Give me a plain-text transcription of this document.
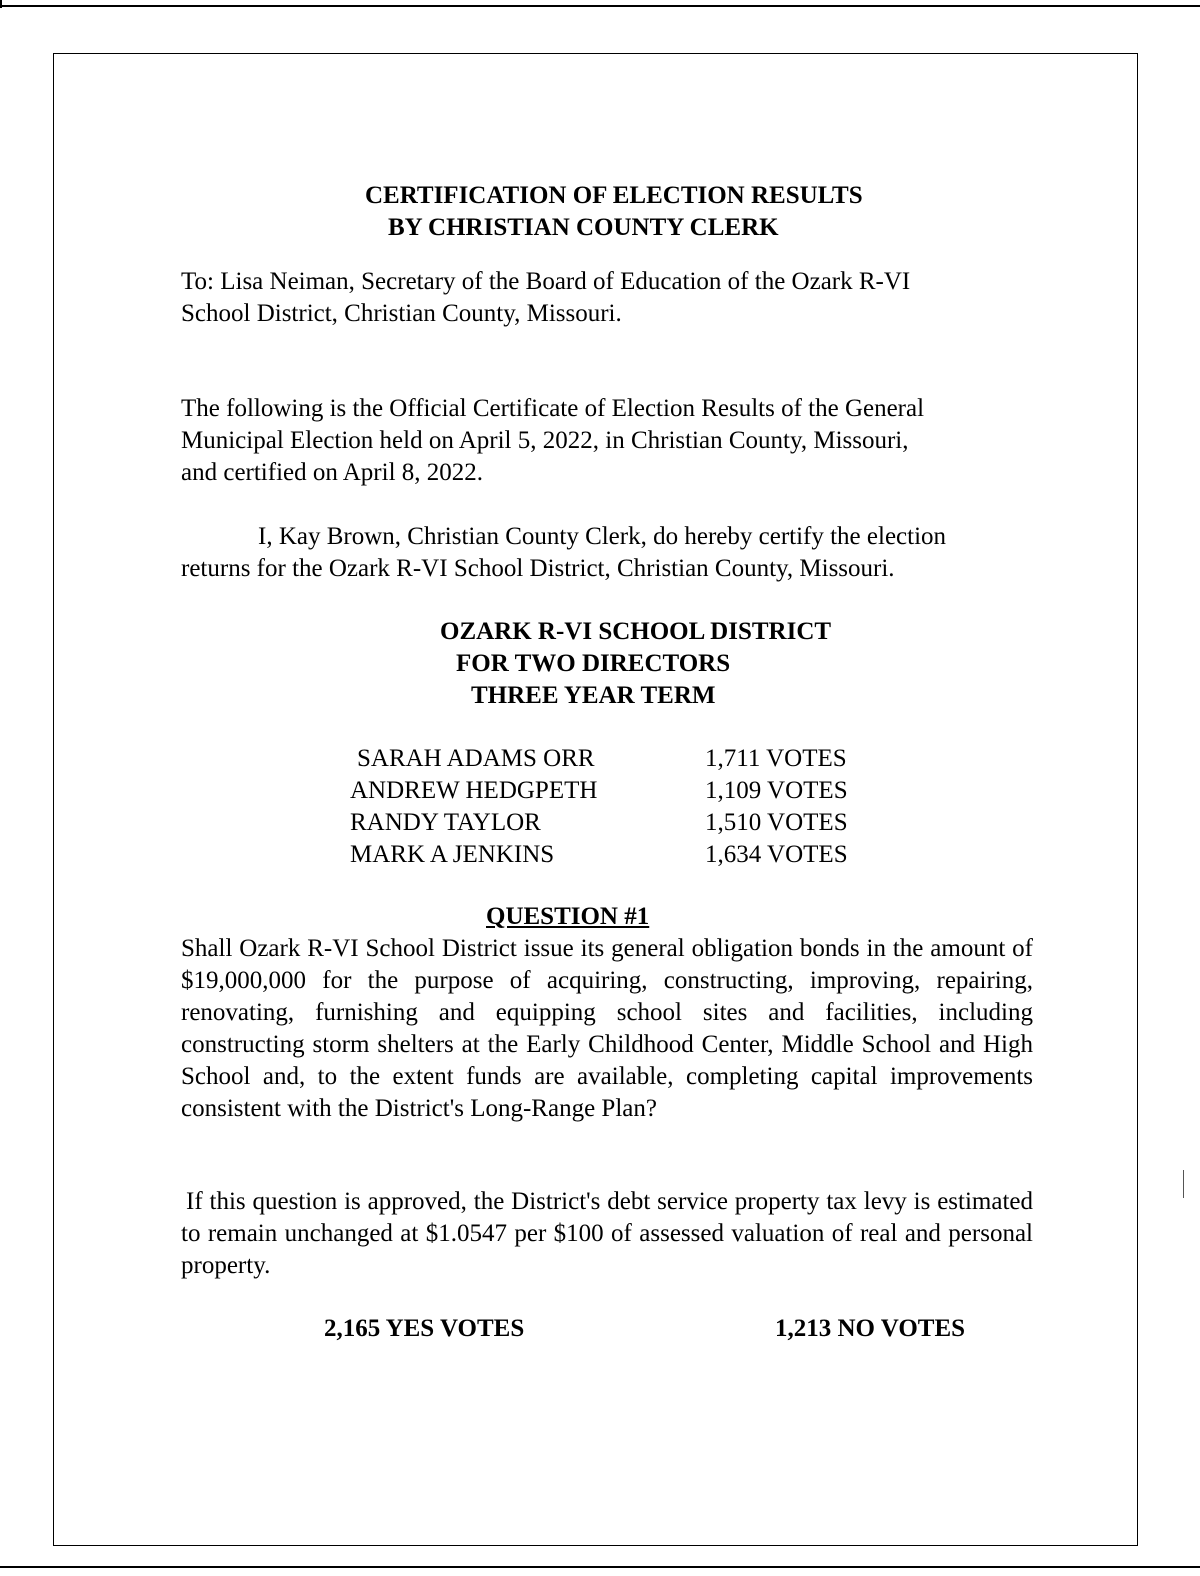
CERTIFICATION OF ELECTION RESULTS
BY CHRISTIAN COUNTY CLERK
To: Lisa Neiman, Secretary of the Board of Education of the Ozark R-VI
School District, Christian County, Missouri.
The following is the Official Certificate of Election Results of the General
Municipal Election held on April 5, 2022, in Christian County, Missouri,
and certified on April 8, 2022.
I, Kay Brown, Christian County Clerk, do hereby certify the election
returns for the Ozark R-VI School District, Christian County, Missouri.
OZARK R-VI SCHOOL DISTRICT
FOR TWO DIRECTORS
THREE YEAR TERM
SARAH ADAMS ORR	1,711 VOTES
ANDREW HEDGPETH	1,109 VOTES
RANDY TAYLOR	1,510 VOTES
MARK A JENKINS	1,634 VOTES
QUESTION #1
Shall Ozark R-VI School District issue its general obligation bonds in the amount of $19,000,000 for the purpose of acquiring, constructing, improving, repairing, renovating, furnishing and equipping school sites and facilities, including constructing storm shelters at the Early Childhood Center, Middle School and High School and, to the extent funds are available, completing capital improvements consistent with the District's Long-Range Plan?
If this question is approved, the District's debt service property tax levy is estimated to remain unchanged at $1.0547 per $100 of assessed valuation of real and personal property.
2,165 YES VOTES	1,213 NO VOTES
